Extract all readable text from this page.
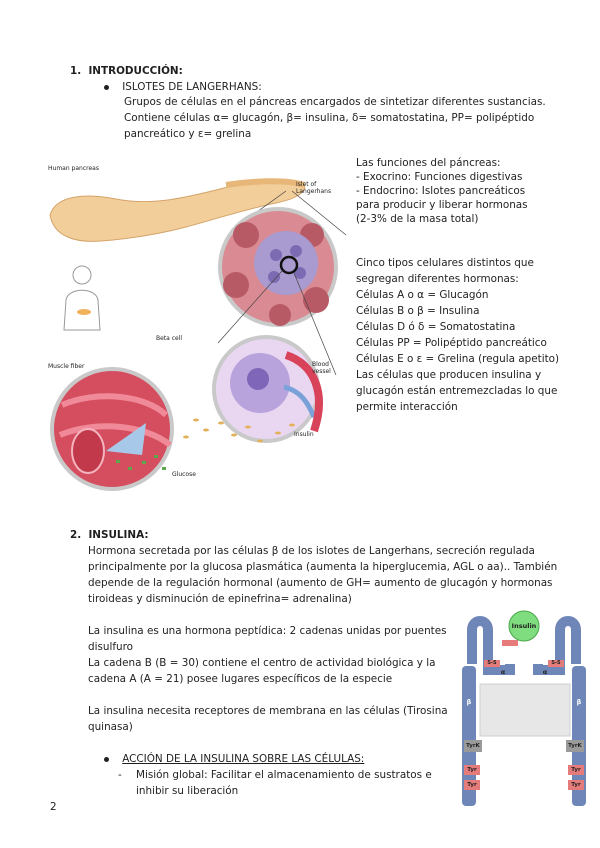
1. INTRODUCCIÓN:
ISLOTES DE LANGERHANS:
Grupos de células en el páncreas encargados de sintetizar diferentes sustancias.
Contiene células α= glucagón, β= insulina, δ= somatostatina, PP= polipéptido
pancreático y ε= grelina
Human pancreas
Islet of Langerhans
Beta cell
Blood vessel
Muscle fiber
Insulin
Glucose
Las funciones del páncreas:
- Exocrino: Funciones digestivas
- Endocrino: Islotes pancreáticos
para producir y liberar hormonas
(2-3% de la masa total)
Cinco tipos celulares distintos que
segregan diferentes hormonas:
Células A o α = Glucagón
Células B o β = Insulina
Células D ó δ = Somatostatina
Células PP = Polipéptido pancreático
Células E o ε = Grelina (regula apetito)
Las células que producen insulina y
glucagón están entremezcladas lo que
permite interacción
2. INSULINA:
Hormona secretada por las células β de los islotes de Langerhans, secreción regulada
principalmente por la glucosa plasmática (aumenta la hiperglucemia, AGL o aa).. También
depende de la regulación hormonal (aumento de GH= aumento de glucagón y hormonas
tiroideas y disminución de epinefrina= adrenalina)
La insulina es una hormona peptídica: 2 cadenas unidas por puentes
disulfuro
La cadena B (B = 30) contiene el centro de actividad biológica y la
cadena A (A = 21) posee lugares específicos de la especie
La insulina necesita receptores de membrana en las células (Tirosina
quinasa)
ACCIÓN DE LA INSULINA SOBRE LAS CÉLULAS:
- Misión global: Facilitar el almacenamiento de sustratos e
inhibir su liberación
Insulin
S-S	S-S
α	α
β	β
TyrK	TyrK
Tyr	Tyr
Tyr	Tyr
2
